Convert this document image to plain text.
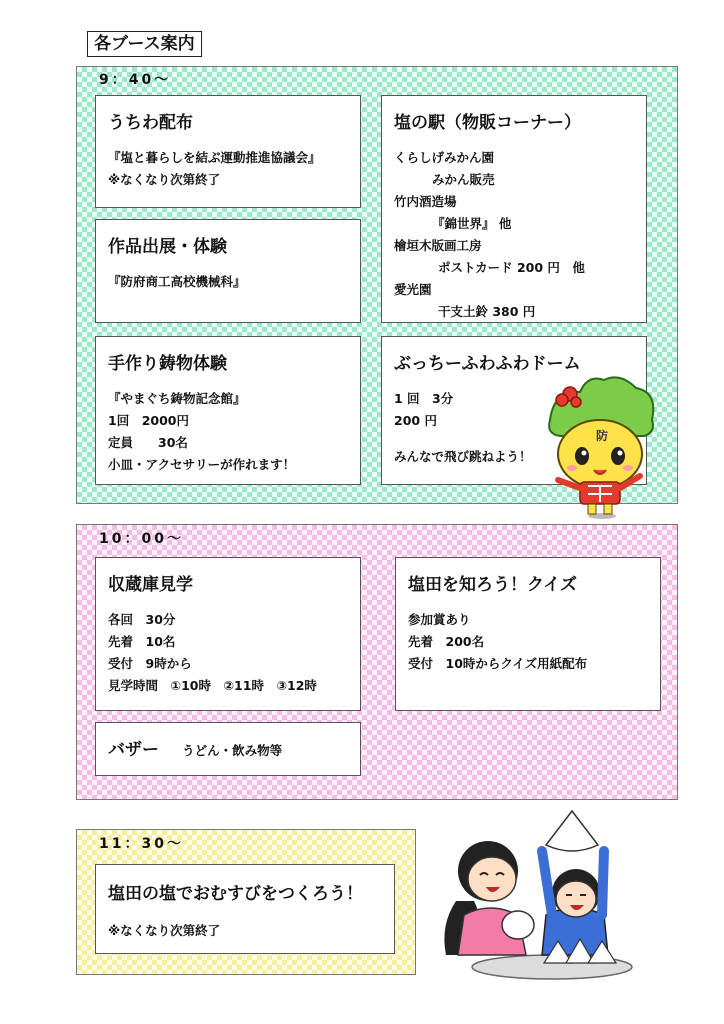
各ブース案内
9：40～
うちわ配布
『塩と暮らしを結ぶ運動推進協議会』
※なくなり次第終了
作品出展・体験
『防府商工高校機械科』
手作り鋳物体験
『やまぐち鋳物記念館』
1回　2000円
定員　　30名
小皿・アクセサリーが作れます！
塩の駅（物販コーナー）
くらしげみかん園
みかん販売
竹内酒造場
『錦世界』 他
檜垣木版画工房
ポストカード 200 円　他
愛光園
干支土鈴 380 円
ぶっちーふわふわドーム
1 回　3分
200 円
みんなで飛び跳ねよう！
防
10：00～
収蔵庫見学
各回　30分
先着　10名
受付　9時から
見学時間　①10時　②11時　③12時
塩田を知ろう！クイズ
参加賞あり
先着　200名
受付　10時からクイズ用紙配布
バザー うどん・飲み物等
11：30～
塩田の塩でおむすびをつくろう！
※なくなり次第終了
